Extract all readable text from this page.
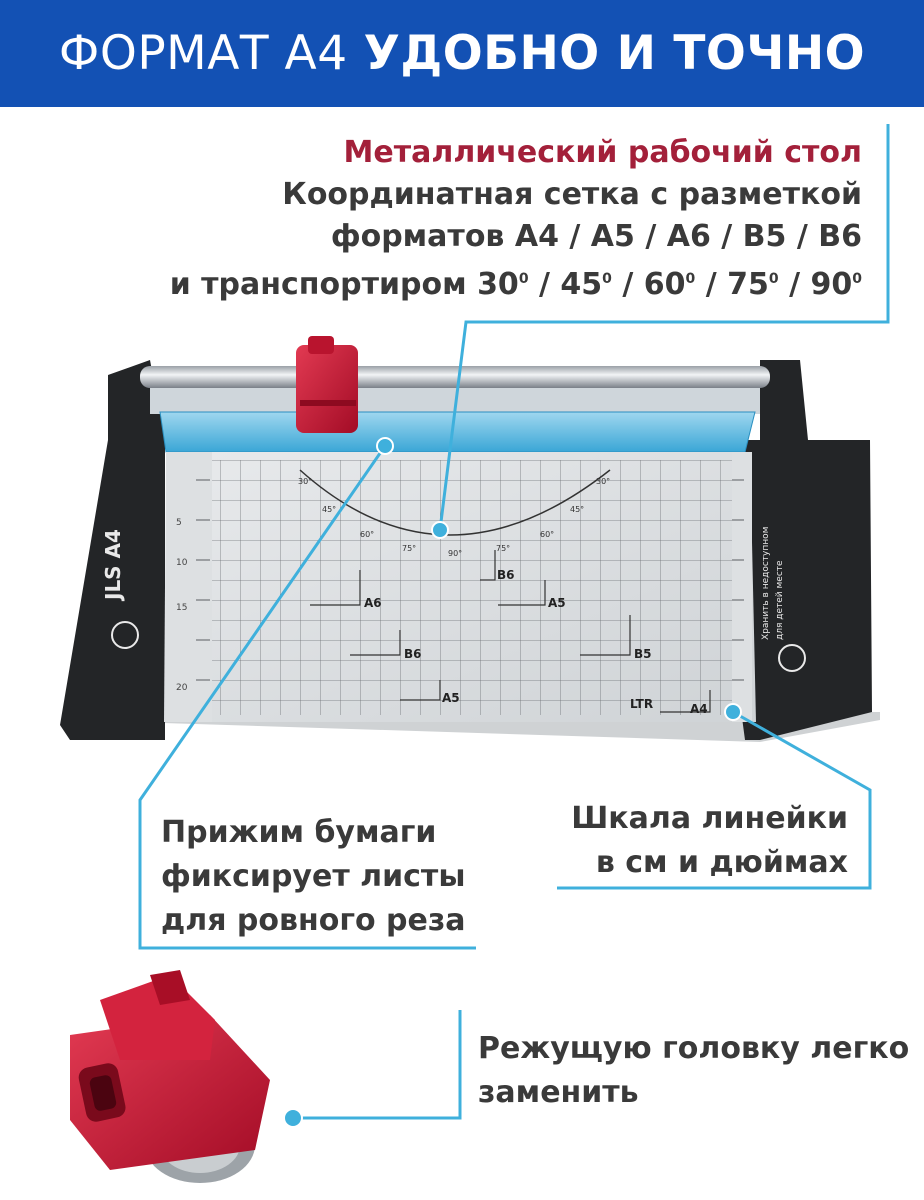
ФОРМАТ А4 УДОБНО И ТОЧНО
Металлический рабочий стол
Координатная сетка с разметкой
форматов А4 / А5 / А6 / В5 / В6
и транспортиром $30^0 / 45^0 / 60^0 / 75^0 / 90^0$
5
10
15
20
30°
45°
60°
75°
90°
75°
60°
45°
30°
A6
B6
A5
B6
A5
B5
A5
LTR	A4
JLS A4	Хранить в недоступном для детей месте
Прижим бумаги
фиксирует листы
для ровного реза
Шкала линейки
в см и дюймах
Режущую головку легко
заменить
